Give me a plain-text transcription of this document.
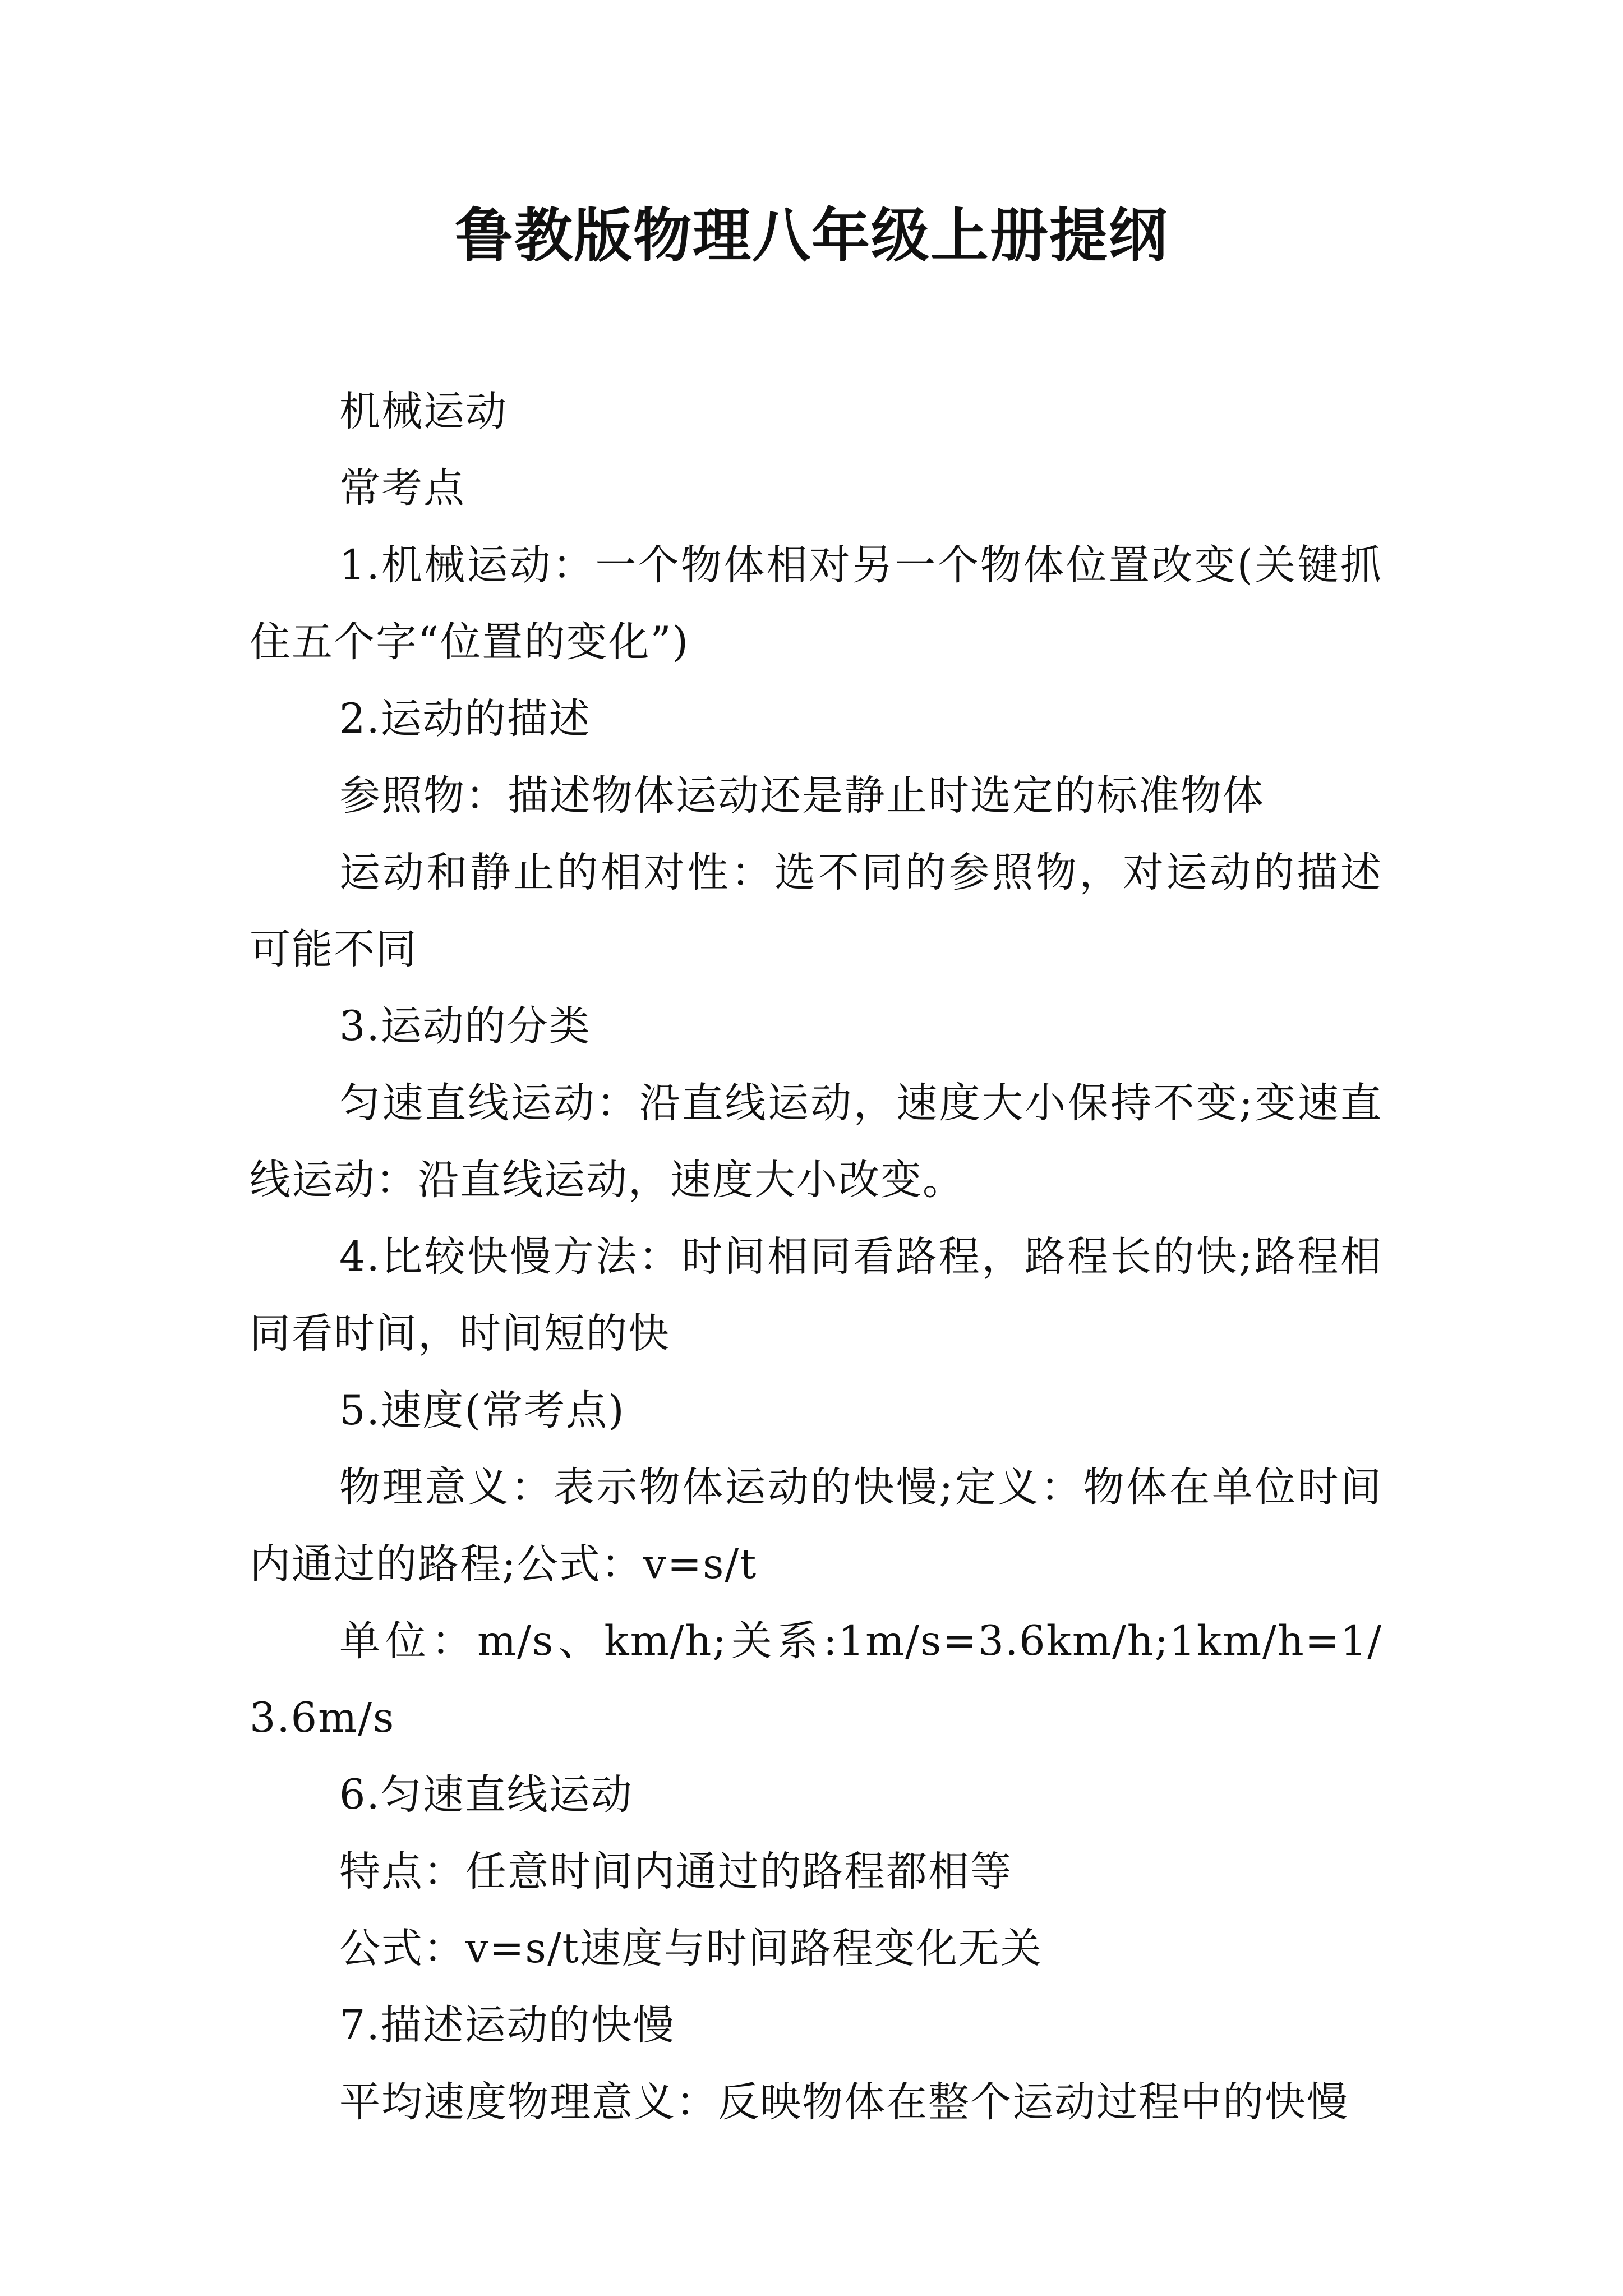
鲁教版物理八年级上册提纲

机械运动

常考点

1.机械运动：一个物体相对另一个物体位置改变(关键抓住五个字“位置的变化”)

2.运动的描述

参照物：描述物体运动还是静止时选定的标准物体

运动和静止的相对性：选不同的参照物，对运动的描述可能不同

3.运动的分类

匀速直线运动：沿直线运动，速度大小保持不变;变速直线运动：沿直线运动，速度大小改变。

4.比较快慢方法：时间相同看路程，路程长的快;路程相同看时间，时间短的快

5.速度(常考点)

物理意义：表示物体运动的快慢;定义：物体在单位时间内通过的路程;公式：v=s/t

单位：m/s、km/h;关系:1m/s=3.6km/h;1km/h=1/3.6m/s

6.匀速直线运动

特点：任意时间内通过的路程都相等

公式：v=s/t速度与时间路程变化无关

7.描述运动的快慢

平均速度物理意义：反映物体在整个运动过程中的快慢
